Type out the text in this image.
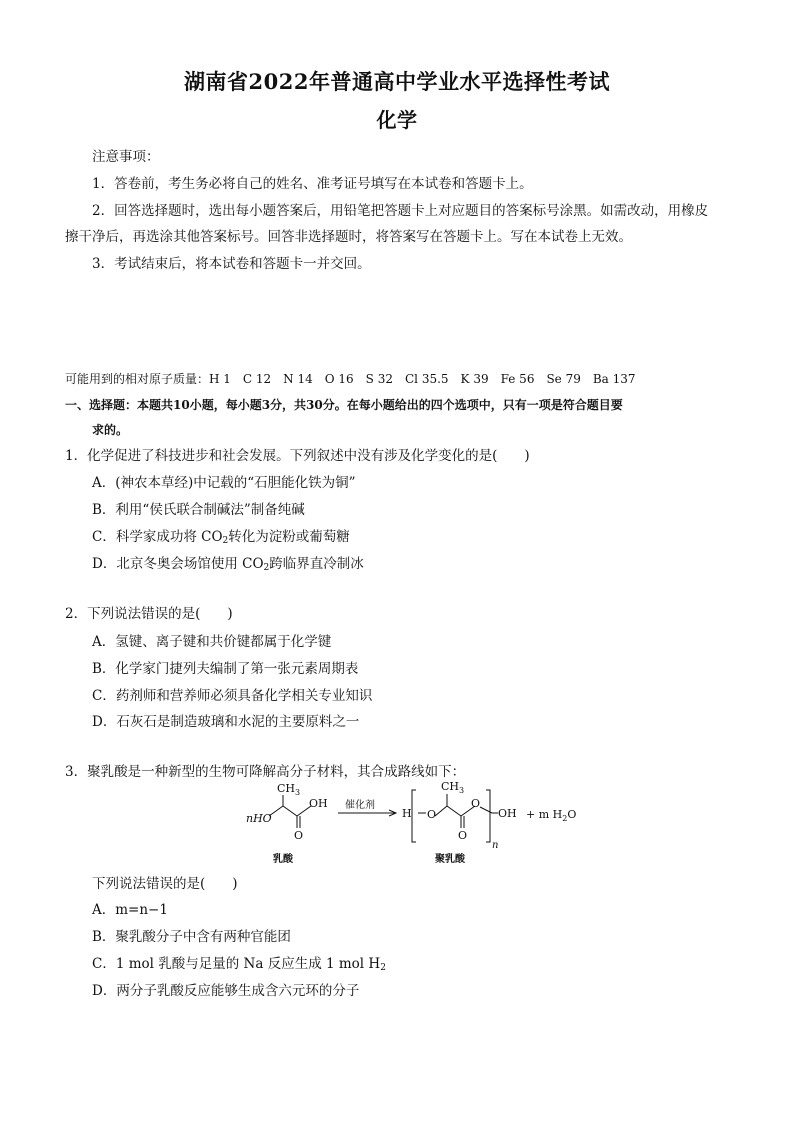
湖南省2022年普通高中学业水平选择性考试
化学
注意事项：
1．答卷前，考生务必将自己的姓名、准考证号填写在本试卷和答题卡上。
2．回答选择题时，选出每小题答案后，用铅笔把答题卡上对应题目的答案标号涂黑。如需改动，用橡皮
擦干净后，再选涂其他答案标号。回答非选择题时，将答案写在答题卡上。写在本试卷上无效。
3．考试结束后，将本试卷和答题卡一并交回。
可能用到的相对原子质量：H 1　C 12　N 14　O 16　S 32　Cl 35.5　K 39　Fe 56　Se 79　Ba 137
一、选择题：本题共10小题，每小题3分，共30分。在每小题给出的四个选项中，只有一项是符合题目要
求的。
1．化学促进了科技进步和社会发展。下列叙述中没有涉及化学变化的是(　　)
A．(神农本草经)中记载的“石胆能化铁为铜”
B．利用“侯氏联合制碱法”制备纯碱
C．科学家成功将 $CO_2$转化为淀粉或葡萄糖
D．北京冬奥会场馆使用 $CO_2$跨临界直冷制冰
2．下列说法错误的是(　　)
A．氢键、离子键和共价键都属于化学键
B．化学家门捷列夫编制了第一张元素周期表
C．药剂师和营养师必须具备化学相关专业知识
D．石灰石是制造玻璃和水泥的主要原料之一
3．聚乳酸是一种新型的生物可降解高分子材料，其合成路线如下：
$CH_3$
OH
nHO
O
催化剂
H O
$CH_3$
O
O
OH
n
+ m $H_2O$
乳酸	聚乳酸
下列说法错误的是(　　)
A．m=n−1
B．聚乳酸分子中含有两种官能团
C．1 mol 乳酸与足量的 Na 反应生成 1 mol $H_2$
D．两分子乳酸反应能够生成含六元环的分子
